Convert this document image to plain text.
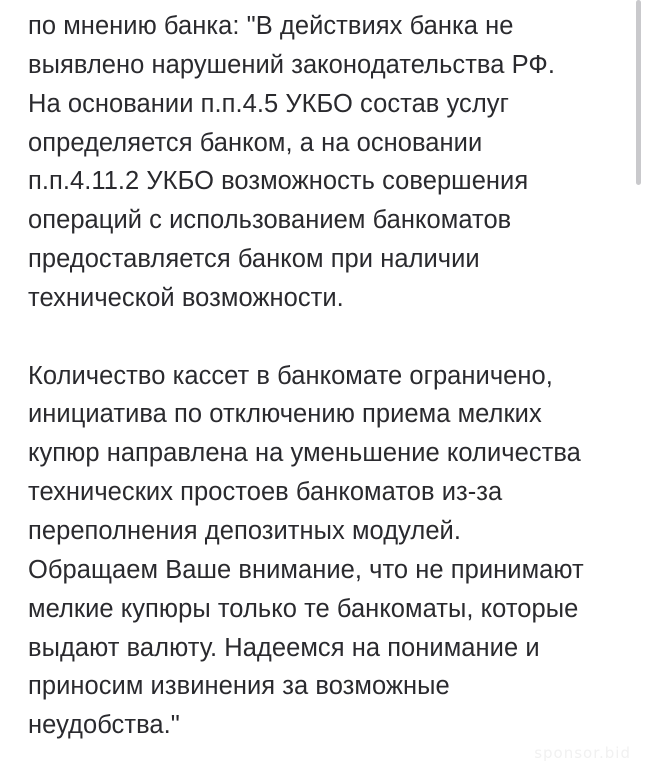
по мнению банка: "В действиях банка не
выявлено нарушений законодательства РФ.
На основании п.п.4.5 УКБО состав услуг
определяется банком, а на основании
п.п.4.11.2 УКБО возможность совершения
операций с использованием банкоматов
предоставляется банком при наличии
технической возможности.
Количество кассет в банкомате ограничено,
инициатива по отключению приема мелких
купюр направлена на уменьшение количества
технических простоев банкоматов из-за
переполнения депозитных модулей.
Обращаем Ваше внимание, что не принимают
мелкие купюры только те банкоматы, которые
выдают валюту. Надеемся на понимание и
приносим извинения за возможные
неудобства."
sponsor.bid
